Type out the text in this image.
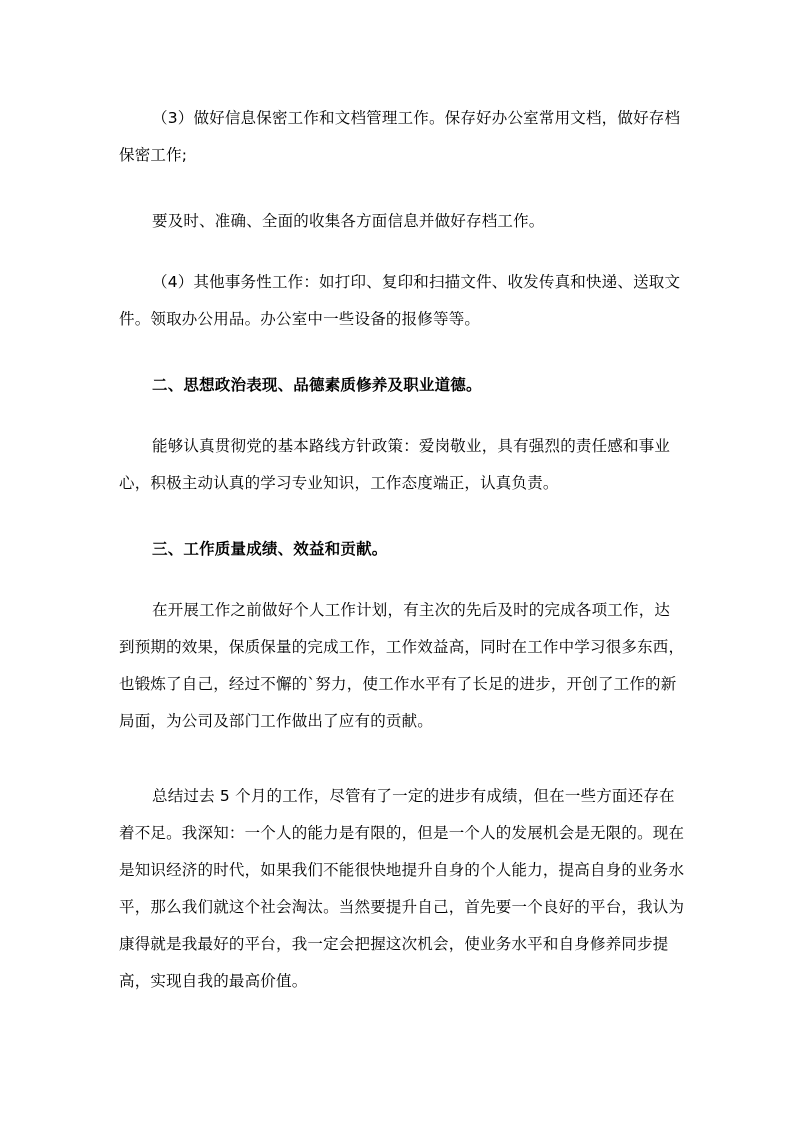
（3）做好信息保密工作和文档管理工作。保存好办公室常用文档，做好存档保密工作;

要及时、准确、全面的收集各方面信息并做好存档工作。

（4）其他事务性工作：如打印、复印和扫描文件、收发传真和快递、送取文件。领取办公用品。办公室中一些设备的报修等等。

二、思想政治表现、品德素质修养及职业道德。

能够认真贯彻党的基本路线方针政策：爱岗敬业，具有强烈的责任感和事业心，积极主动认真的学习专业知识，工作态度端正，认真负责。

三、工作质量成绩、效益和贡献。

在开展工作之前做好个人工作计划，有主次的先后及时的完成各项工作，达到预期的效果，保质保量的完成工作，工作效益高，同时在工作中学习很多东西，也锻炼了自己，经过不懈的`努力，使工作水平有了长足的进步，开创了工作的新局面，为公司及部门工作做出了应有的贡献。

总结过去 5 个月的工作，尽管有了一定的进步有成绩，但在一些方面还存在着不足。我深知：一个人的能力是有限的，但是一个人的发展机会是无限的。现在是知识经济的时代，如果我们不能很快地提升自身的个人能力，提高自身的业务水平，那么我们就这个社会淘汰。当然要提升自己，首先要一个良好的平台，我认为康得就是我最好的平台，我一定会把握这次机会，使业务水平和自身修养同步提高，实现自我的最高价值。
